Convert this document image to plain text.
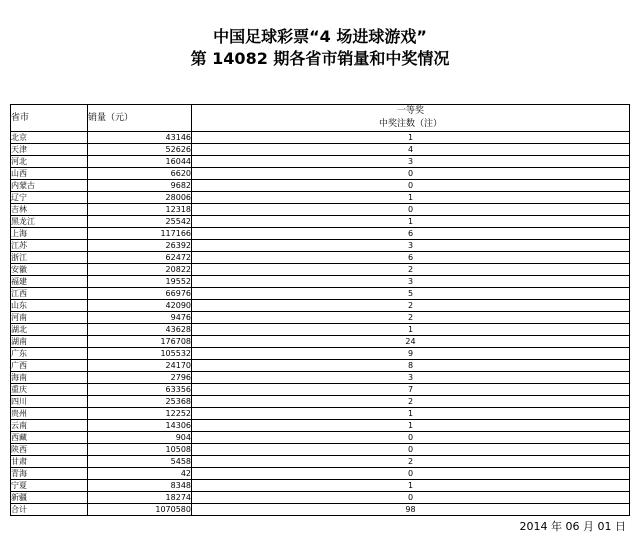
中国足球彩票“4 场进球游戏”
第 14082 期各省市销量和中奖情况
省市	销量（元）	一等奖
		中奖注数（注）
北京	43146	1
天津	52626	4
河北	16044	3
山西	6620	0
内蒙古	9682	0
辽宁	28006	1
吉林	12318	0
黑龙江	25542	1
上海	117166	6
江苏	26392	3
浙江	62472	6
安徽	20822	2
福建	19552	3
江西	66976	5
山东	42090	2
河南	9476	2
湖北	43628	1
湖南	176708	24
广东	105532	9
广西	24170	8
海南	2796	3
重庆	63356	7
四川	25368	2
贵州	12252	1
云南	14306	1
西藏	904	0
陕西	10508	0
甘肃	5458	2
青海	42	0
宁夏	8348	1
新疆	18274	0
合计	1070580	98
2014 年 06 月 01 日
